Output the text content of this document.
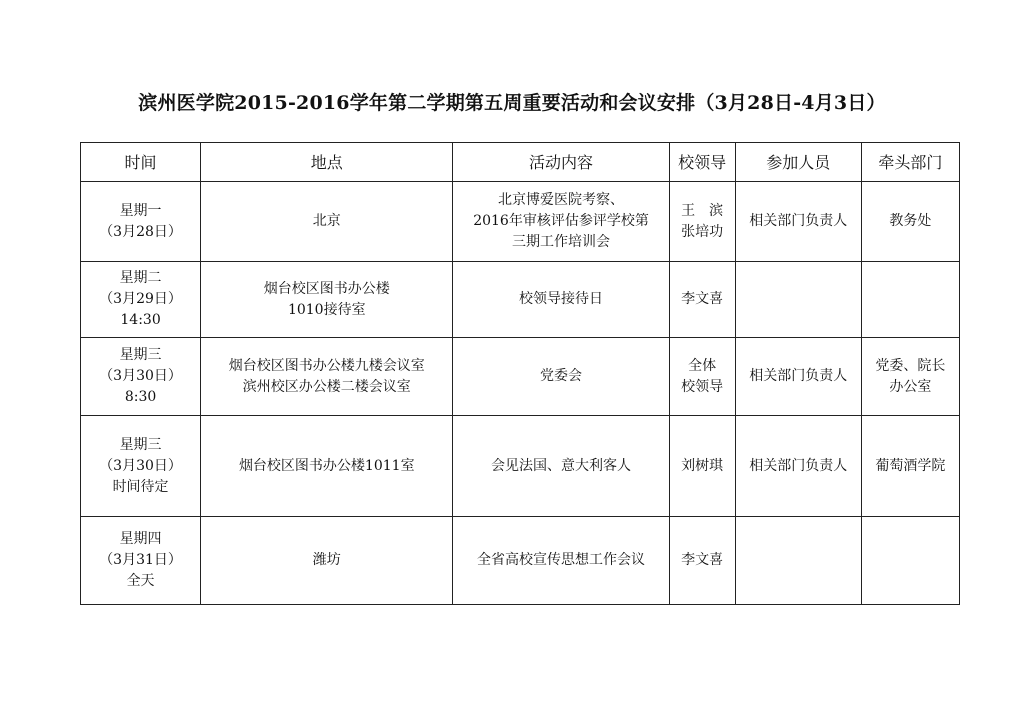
滨州医学院2015-2016学年第二学期第五周重要活动和会议安排（3月28日-4月3日）
时间	地点	活动内容	校领导	参加人员	牵头部门

星期一
（3月28日）	北京	北京博爱医院考察、
2016年审核评估参评学校第
三期工作培训会	王　滨
张培功	相关部门负责人	教务处

星期二
（3月29日）
14:30	烟台校区图书办公楼
1010接待室	校领导接待日	李文喜		

星期三
（3月30日）
8:30	烟台校区图书办公楼九楼会议室
滨州校区办公楼二楼会议室	党委会	全体
校领导	相关部门负责人	党委、院长
办公室

星期三
（3月30日）
时间待定	烟台校区图书办公楼1011室	会见法国、意大利客人	刘树琪	相关部门负责人	葡萄酒学院

星期四
（3月31日）
全天	潍坊	全省高校宣传思想工作会议	李文喜		
